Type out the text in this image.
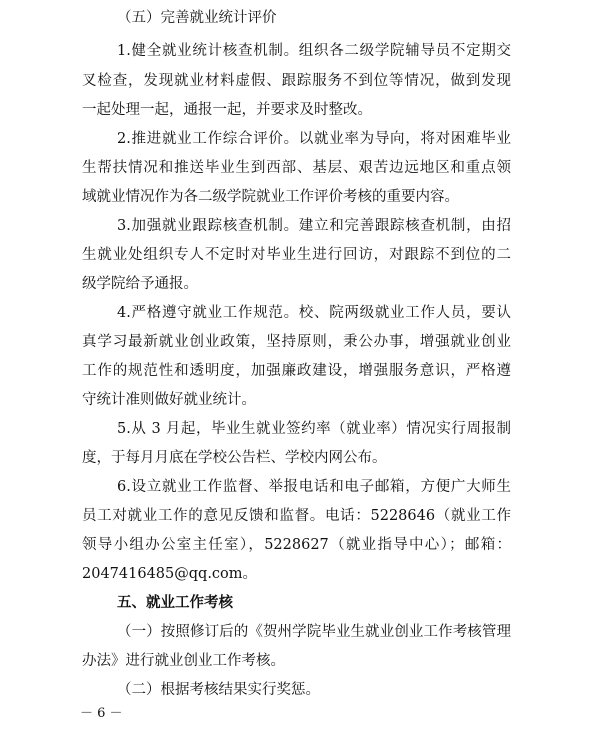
（五）完善就业统计评价
1.健全就业统计核查机制。组织各二级学院辅导员不定期交
叉检查，发现就业材料虚假、跟踪服务不到位等情况，做到发现
一起处理一起，通报一起，并要求及时整改。
2.推进就业工作综合评价。以就业率为导向，将对困难毕业
生帮扶情况和推送毕业生到西部、基层、艰苦边远地区和重点领
域就业情况作为各二级学院就业工作评价考核的重要内容。
3.加强就业跟踪核查机制。建立和完善跟踪核查机制，由招
生就业处组织专人不定时对毕业生进行回访，对跟踪不到位的二
级学院给予通报。
4.严格遵守就业工作规范。校、院两级就业工作人员，要认
真学习最新就业创业政策，坚持原则，秉公办事，增强就业创业
工作的规范性和透明度，加强廉政建设，增强服务意识，严格遵
守统计准则做好就业统计。
5.从 3 月起，毕业生就业签约率（就业率）情况实行周报制
度，于每月月底在学校公告栏、学校内网公布。
6.设立就业工作监督、举报电话和电子邮箱，方便广大师生
员工对就业工作的意见反馈和监督。电话：5228646（就业工作
领导小组办公室主任室），5228627（就业指导中心）；邮箱：
2047416485@qq.com。
五、就业工作考核
（一）按照修订后的《贺州学院毕业生就业创业工作考核管理
办法》进行就业创业工作考核。
（二）根据考核结果实行奖惩。
－ 6 －
